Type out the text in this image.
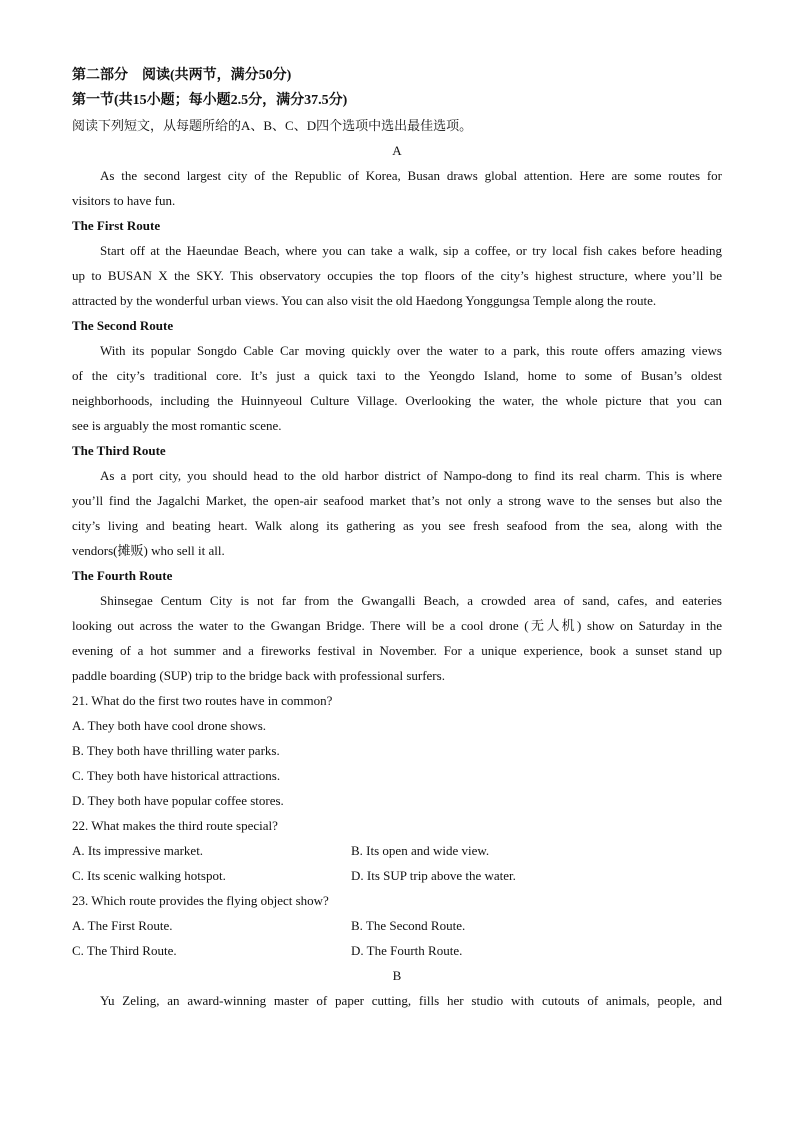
第二部分　阅读(共两节，满分50分)
第一节(共15小题；每小题2.5分，满分37.5分)
阅读下列短文，从每题所给的A、B、C、D四个选项中选出最佳选项。
A
As the second largest city of the Republic of Korea, Busan draws global attention. Here are some routes for
visitors to have fun.
The First Route
Start off at the Haeundae Beach, where you can take a walk, sip a coffee, or try local fish cakes before heading
up to BUSAN X the SKY. This observatory occupies the top floors of the city’s highest structure, where you’ll be
attracted by the wonderful urban views. You can also visit the old Haedong Yonggungsa Temple along the route.
The Second Route
With its popular Songdo Cable Car moving quickly over the water to a park, this route offers amazing views
of the city’s traditional core. It’s just a quick taxi to the Yeongdo Island, home to some of Busan’s oldest
neighborhoods, including the Huinnyeoul Culture Village. Overlooking the water, the whole picture that you can
see is arguably the most romantic scene.
The Third Route
As a port city, you should head to the old harbor district of Nampo-dong to find its real charm. This is where
you’ll find the Jagalchi Market, the open-air seafood market that’s not only a strong wave to the senses but also the
city’s living and beating heart. Walk along its gathering as you see fresh seafood from the sea, along with the
vendors(摊贩) who sell it all.
The Fourth Route
Shinsegae Centum City is not far from the Gwangalli Beach, a crowded area of sand, cafes, and eateries
looking out across the water to the Gwangan Bridge. There will be a cool drone (无人机) show on Saturday in the
evening of a hot summer and a fireworks festival in November. For a unique experience, book a sunset stand up
paddle boarding (SUP) trip to the bridge back with professional surfers.
21. What do the first two routes have in common?
A. They both have cool drone shows.
B. They both have thrilling water parks.
C. They both have historical attractions.
D. They both have popular coffee stores.
22. What makes the third route special?
A. Its impressive market.	B. Its open and wide view.
C. Its scenic walking hotspot.	D. Its SUP trip above the water.
23. Which route provides the flying object show?
A. The First Route.	B. The Second Route.
C. The Third Route.	D. The Fourth Route.
B
Yu Zeling, an award-winning master of paper cutting, fills her studio with cutouts of animals, people, and
